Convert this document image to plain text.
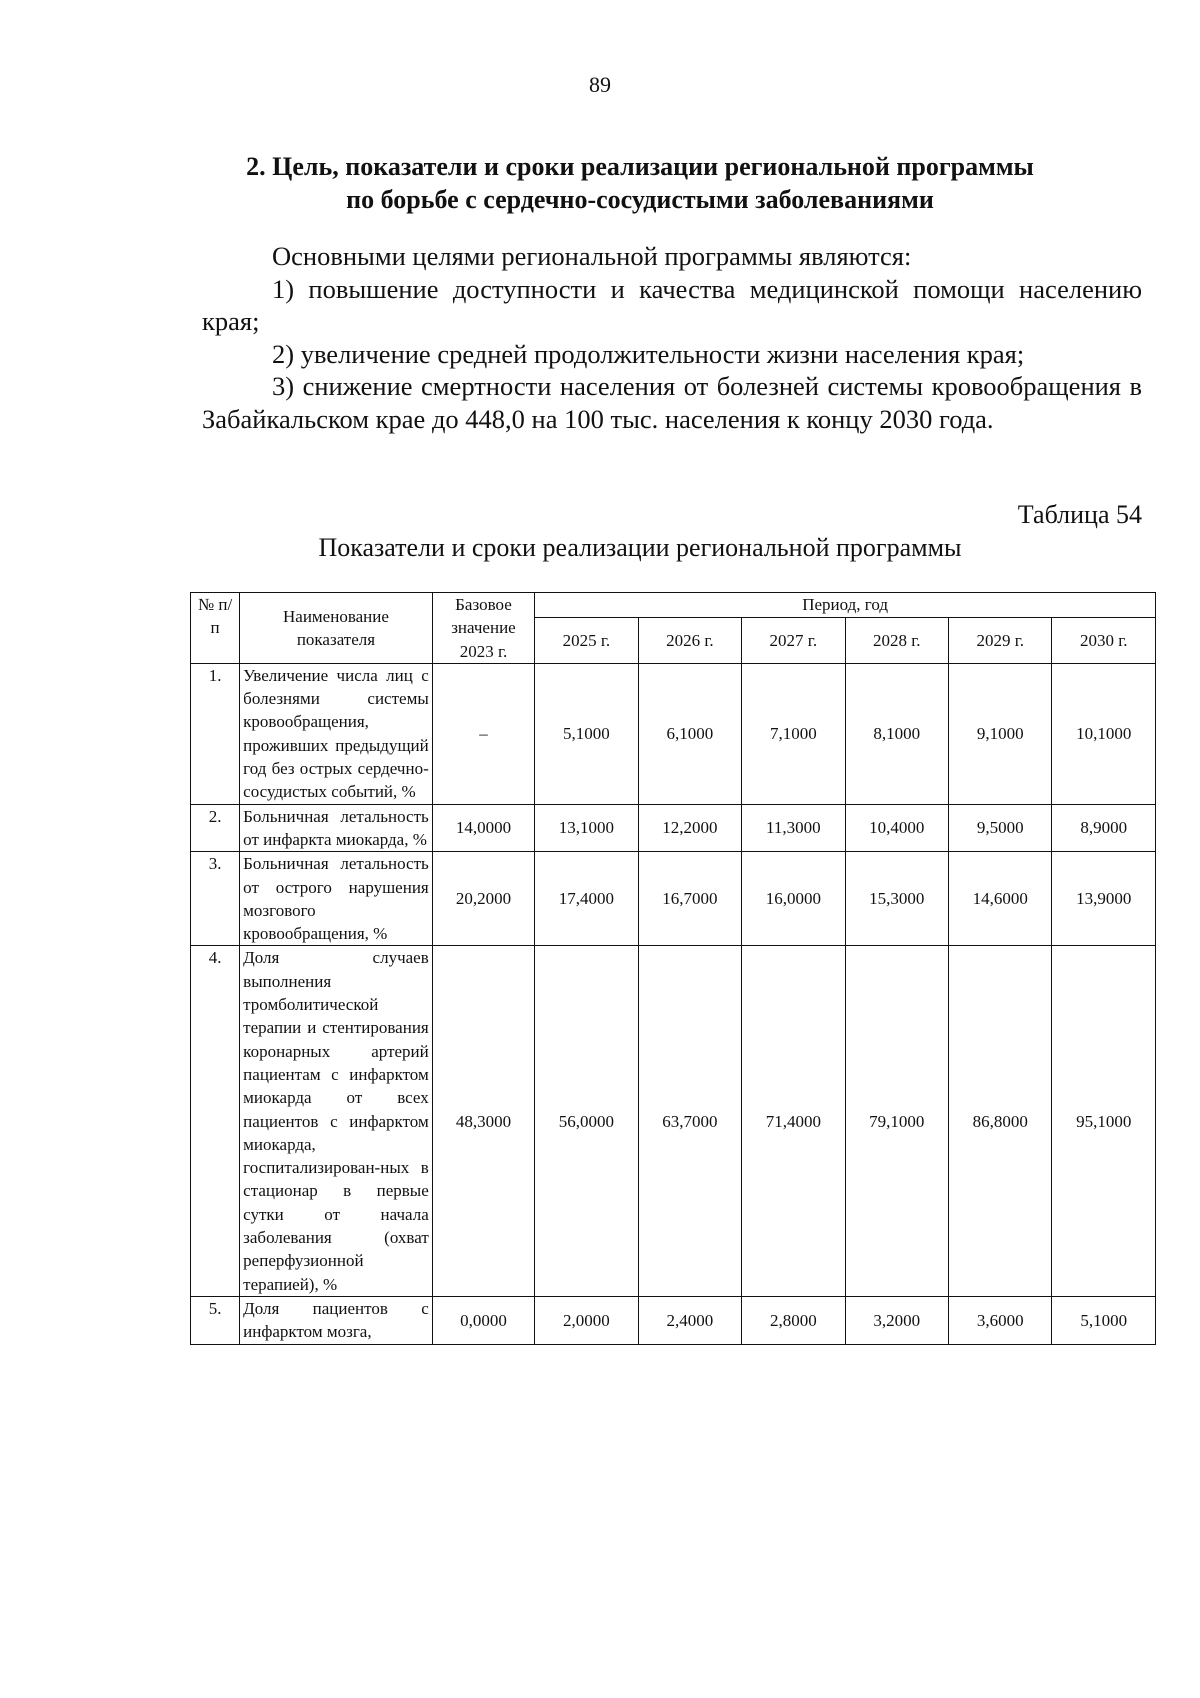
89
2. Цель, показатели и сроки реализации региональной программы
по борьбе с сердечно-сосудистыми заболеваниями

Основными целями региональной программы являются:

1) повышение доступности и качества медицинской помощи населению края;

2) увеличение средней продолжительности жизни населения края;

3) снижение смертности населения от болезней системы кровообращения в Забайкальском крае до 448,0 на 100 тыс. населения к концу 2030 года.

Таблица 54
Показатели и сроки реализации региональной программы
№ п/п	Наименование показателя	Базовое значение 2023 г.	Период, год					
			2025 г.	2026 г.	2027 г.	2028 г.	2029 г.	2030 г.
1.	Увеличение числа лиц с болезнями системы кровообращения, проживших предыдущий год без острых сердечно-сосудистых событий, %	–	5,1000	6,1000	7,1000	8,1000	9,1000	10,1000
2.	Больничная летальность от инфаркта миокарда, %	14,0000	13,1000	12,2000	11,3000	10,4000	9,5000	8,9000
3.	Больничная летальность от острого нарушения мозгового кровообращения, %	20,2000	17,4000	16,7000	16,0000	15,3000	14,6000	13,9000
4.	Доля случаев выполнения тромболитической терапии и стентирования коронарных артерий пациентам с инфарктом миокарда от всех пациентов с инфарктом миокарда, госпитализирован-ных в стационар в первые сутки от начала заболевания (охват реперфузионной терапией), %	48,3000	56,0000	63,7000	71,4000	79,1000	86,8000	95,1000
5.	Доля пациентов с инфарктом мозга,	0,0000	2,0000	2,4000	2,8000	3,2000	3,6000	5,1000
